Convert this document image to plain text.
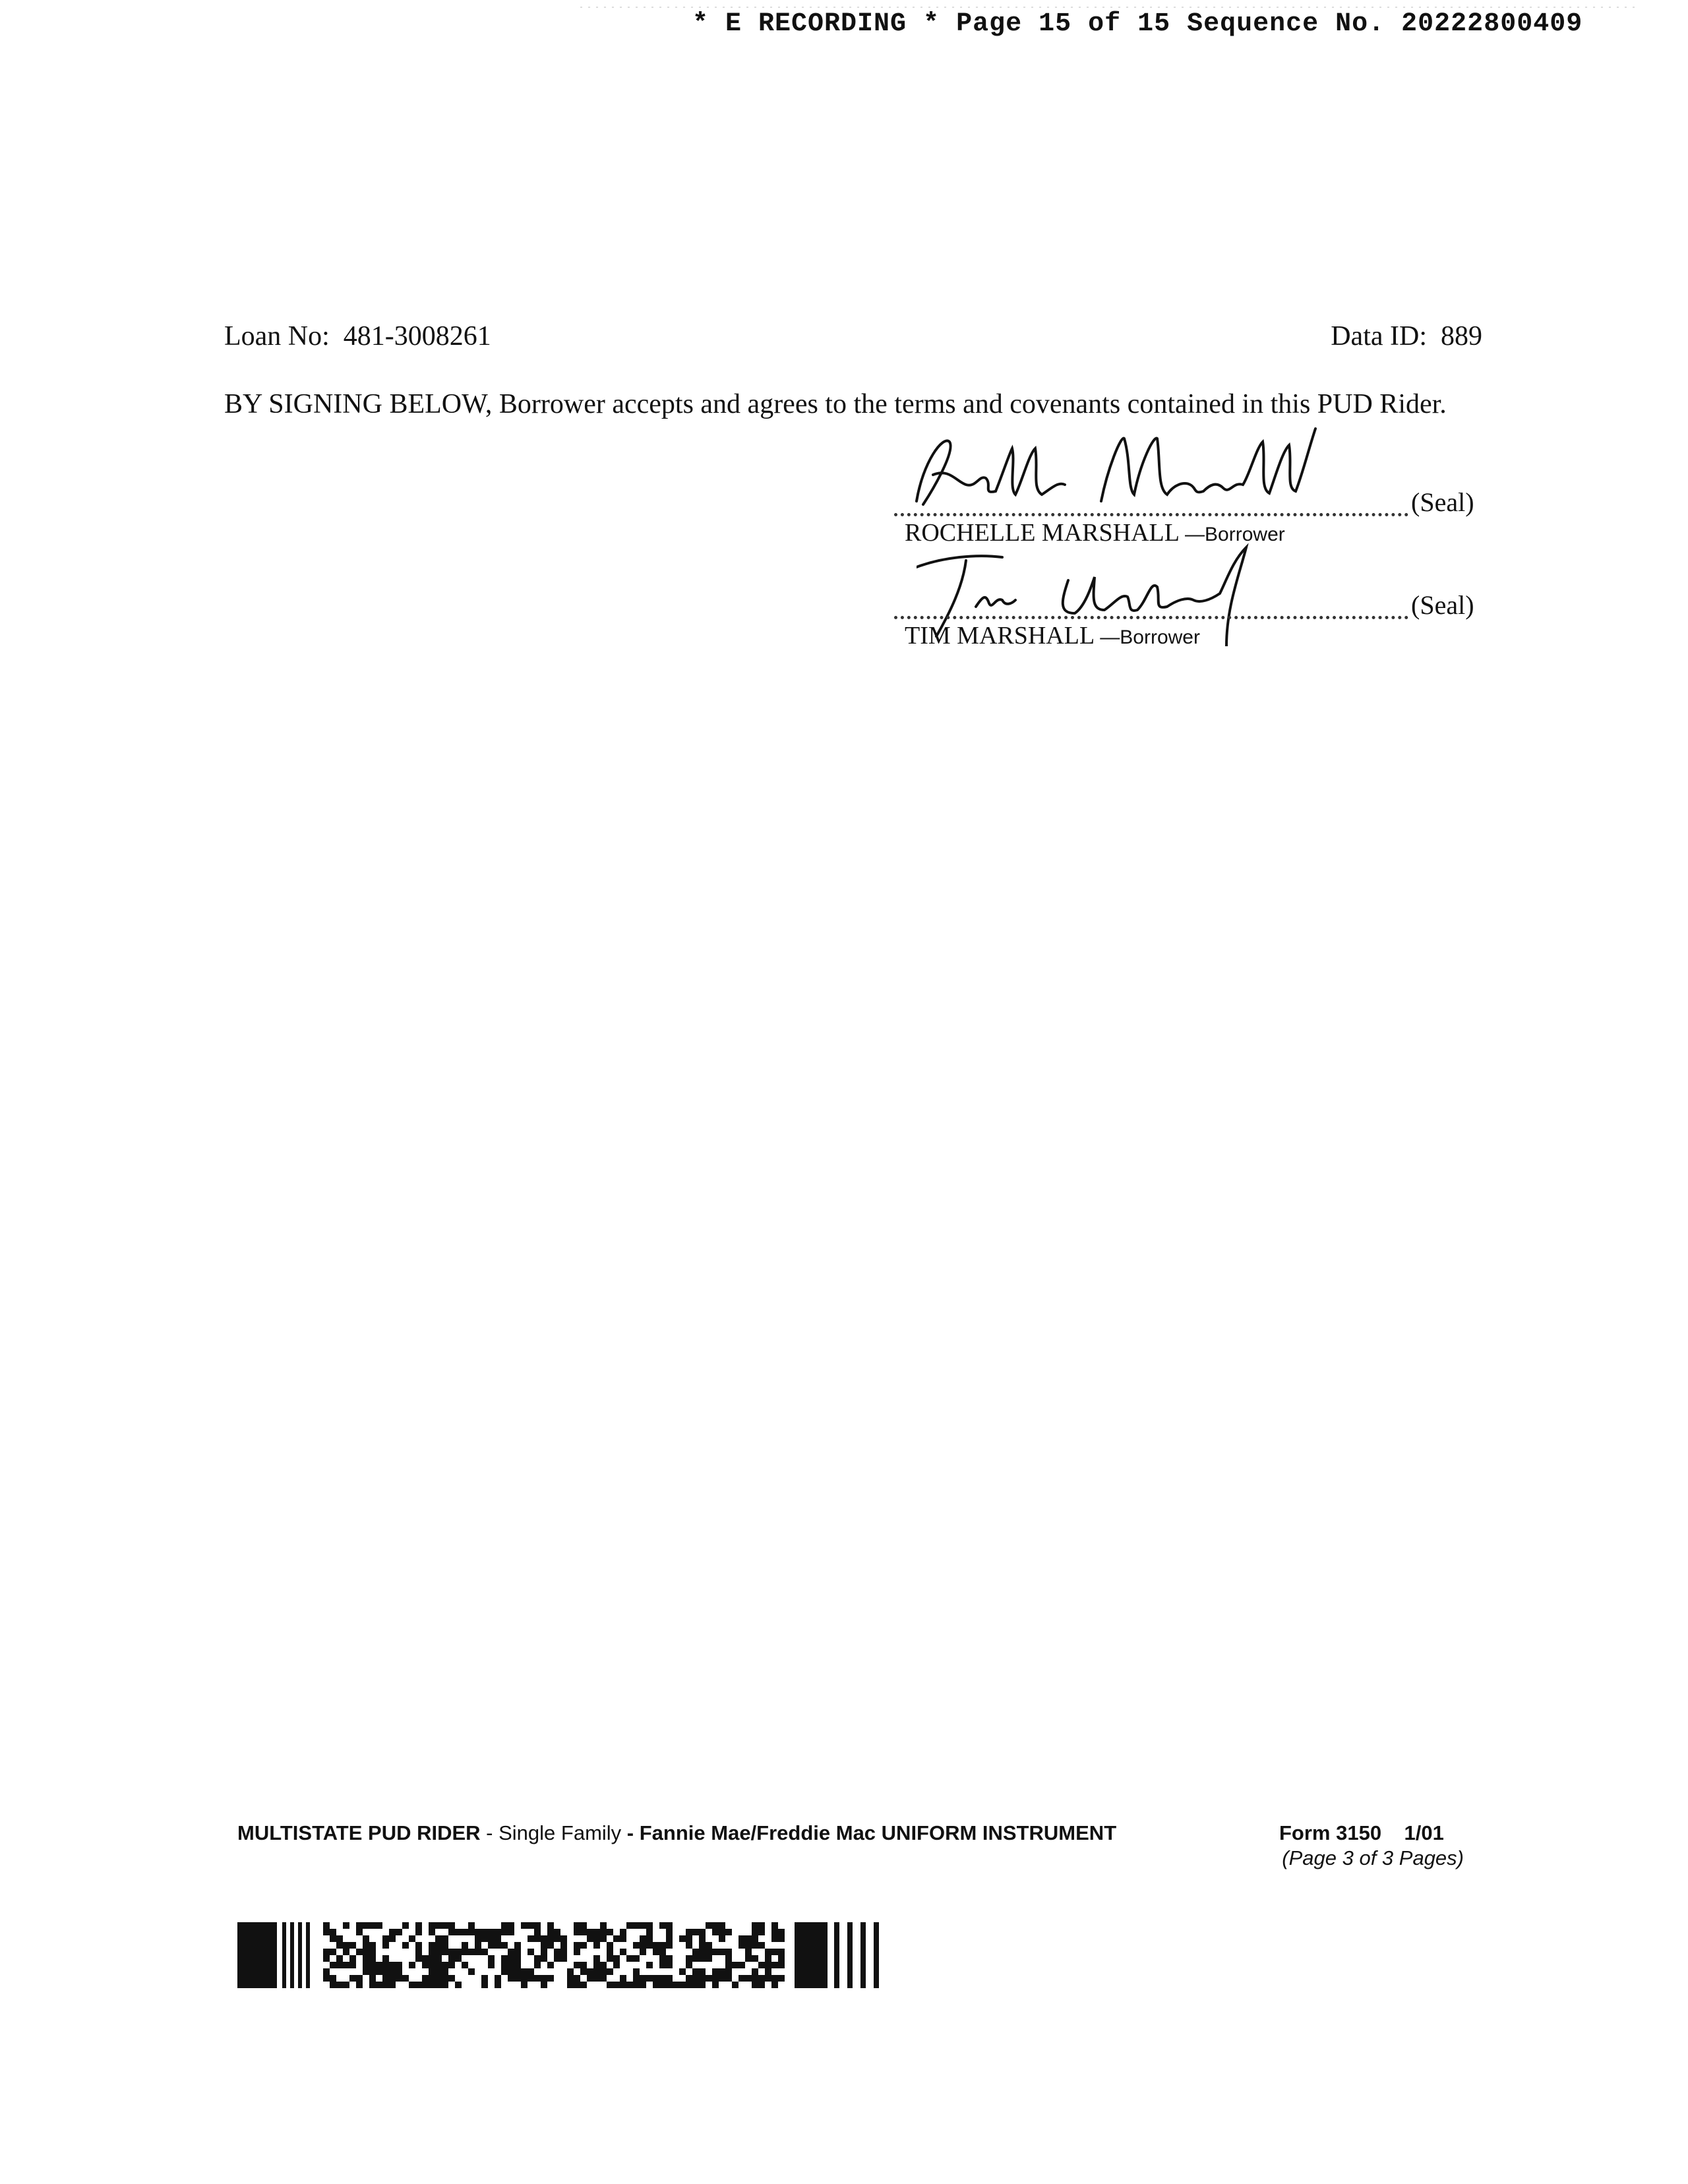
* E RECORDING * Page 15 of 15 Sequence No. 20222800409
Loan No: 481-3008261	Data ID: 889
BY SIGNING BELOW, Borrower accepts and agrees to the terms and covenants contained in this PUD Rider.
(Seal)
ROCHELLE MARSHALL —Borrower
(Seal)
TIM MARSHALL —Borrower
MULTISTATE PUD RIDER - Single Family - Fannie Mae/Freddie Mac UNIFORM INSTRUMENT	Form 3150 1/01
(Page 3 of 3 Pages)
